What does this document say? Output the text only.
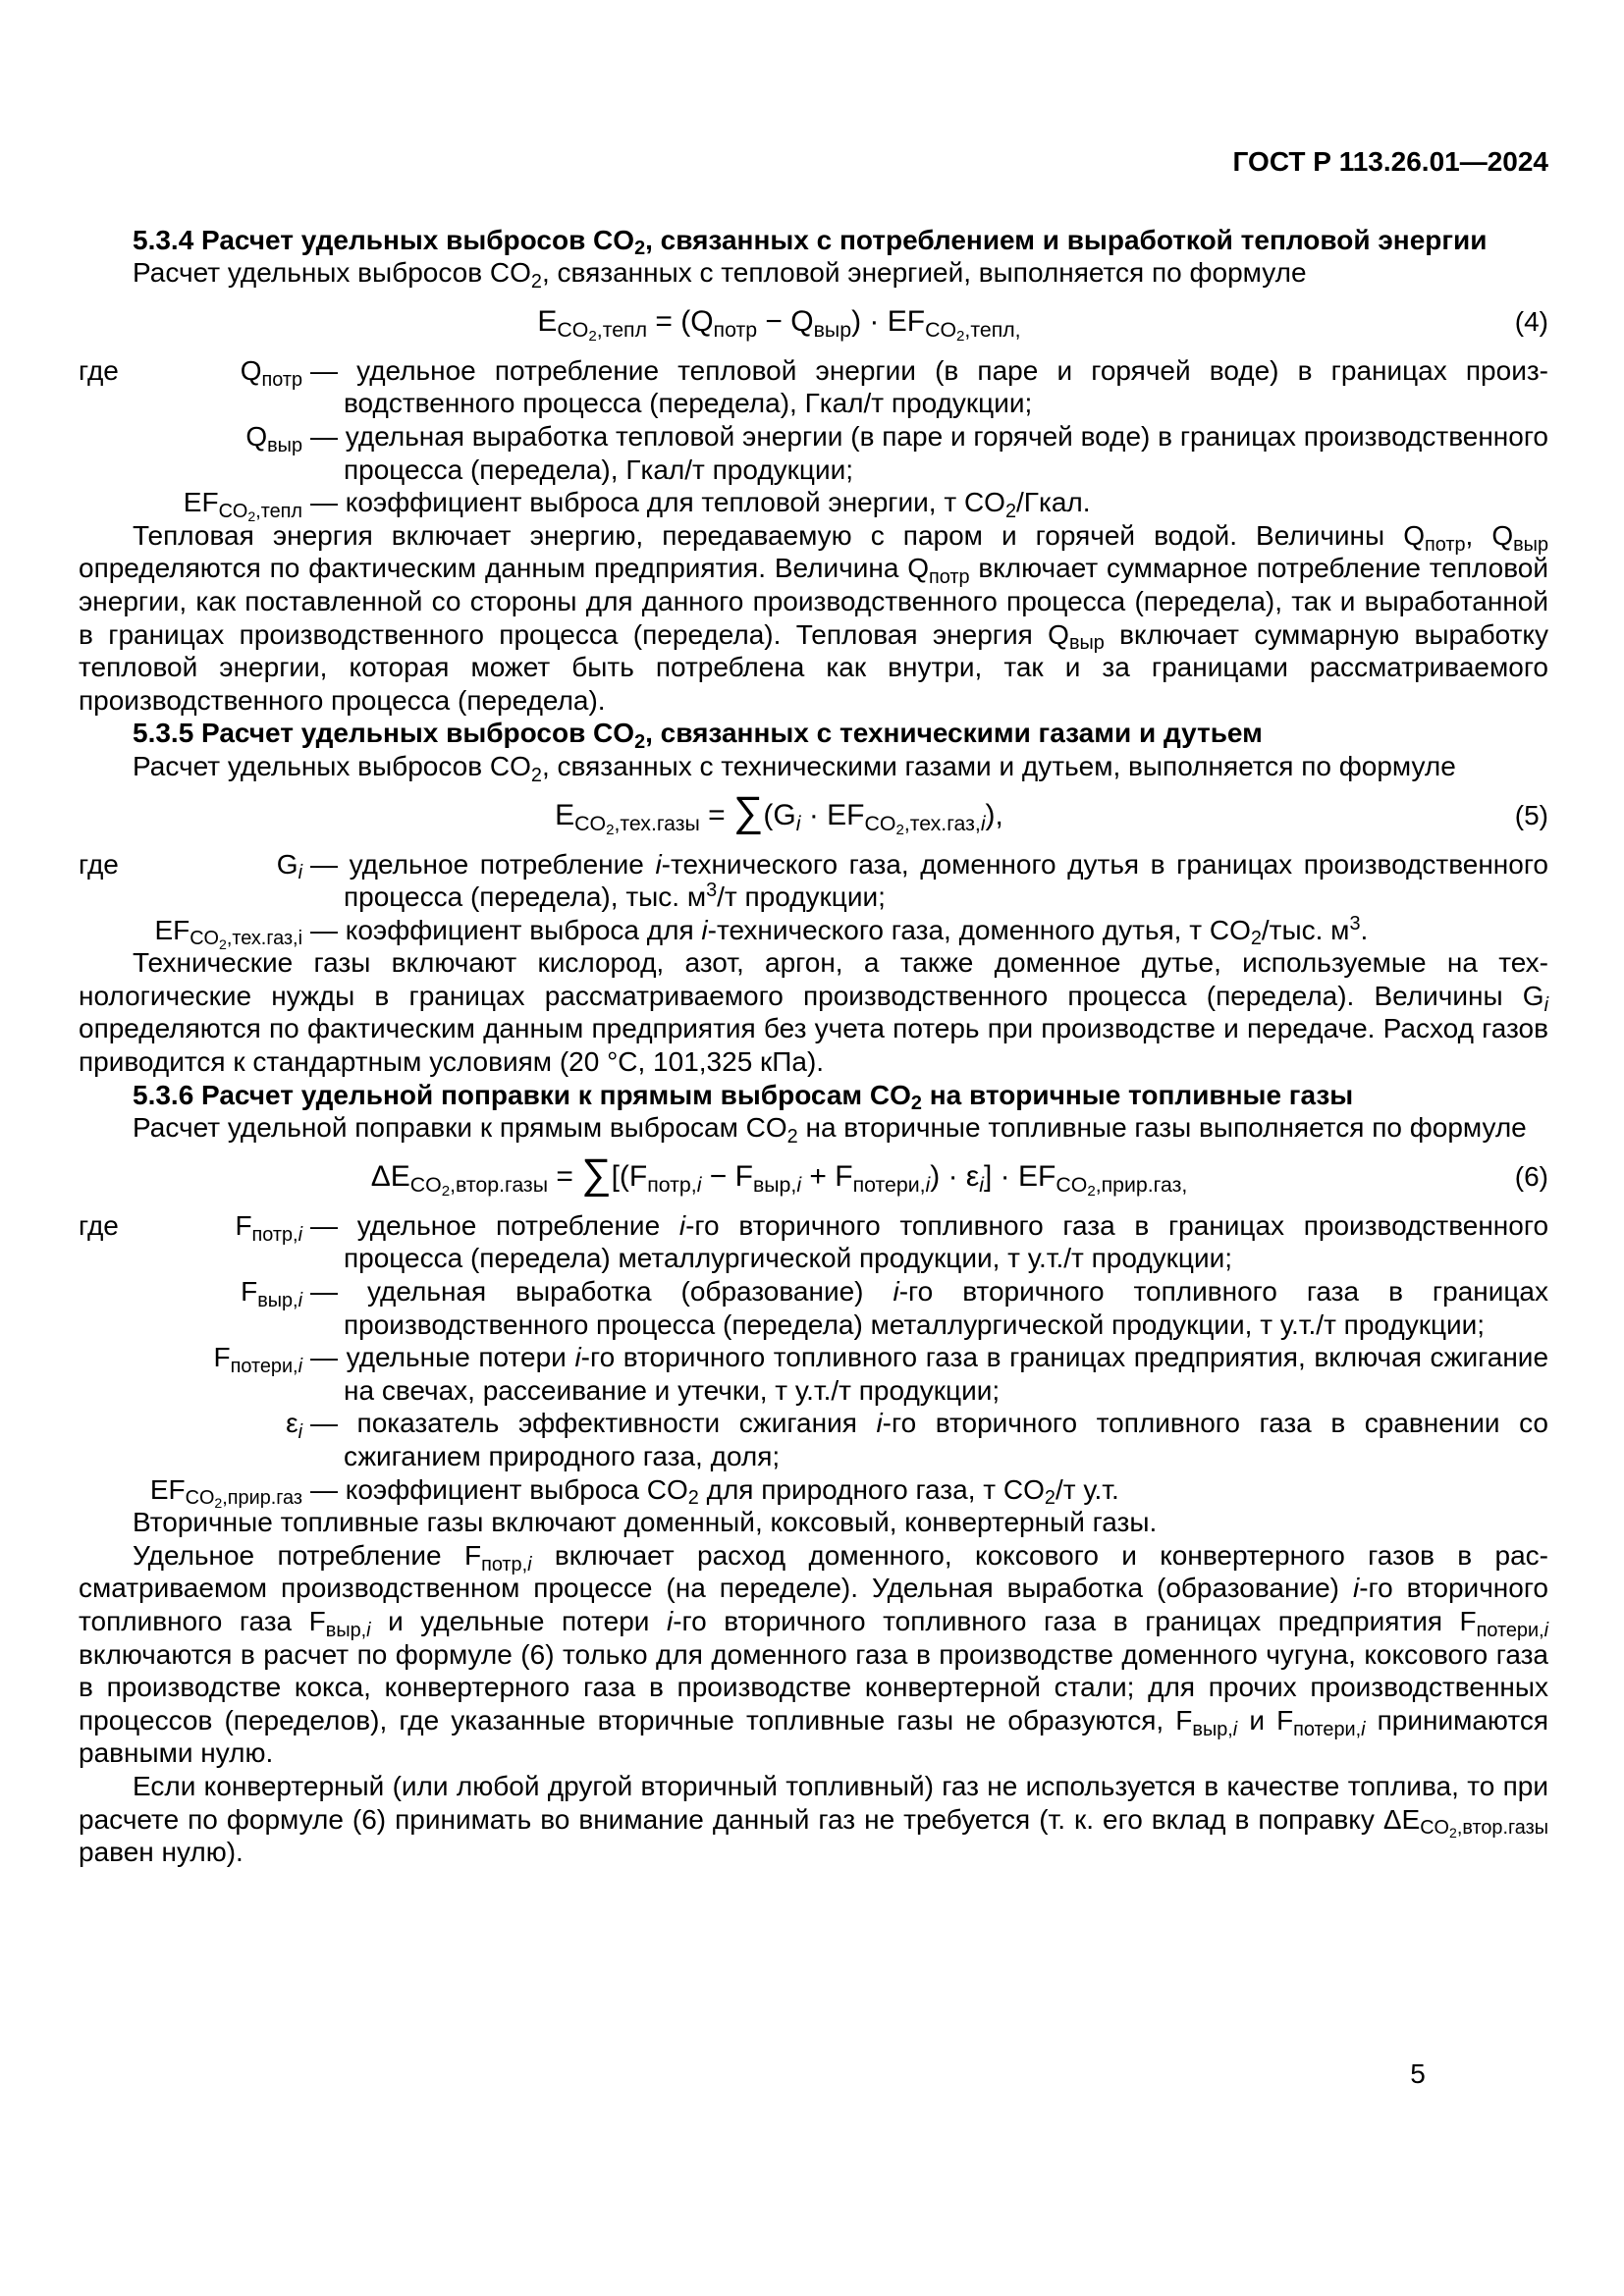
ГОСТ Р 113.26.01—2024
5.3.4 Расчет удельных выбросов $CO_2$, связанных с потреблением и выработкой тепловой энергии
Расчет удельных выбросов $CO_2$, связанных с тепловой энергией, выполняется по формуле
$E_{CO_2,тепл} = (Q_{потр} - Q_{выр}) \cdot EF_{CO_2,тепл,}$	(4)
где	$Q_{потр}$ — удельное потребление тепловой энергии (в паре и горячей воде) в границах производственного процесса (передела), Гкал/т продукции;
$Q_{выр}$ — удельная выработка тепловой энергии (в паре и горячей воде) в границах производственного процесса (передела), Гкал/т продукции;
$EF_{CO_2,тепл}$ — коэффициент выброса для тепловой энергии, т $CO_2$/Гкал.
Тепловая энергия включает энергию, передаваемую с паром и горячей водой. Величины $Q_{потр}$, $Q_{выр}$ определяются по фактическим данным предприятия. Величина $Q_{потр}$ включает суммарное потребление тепловой энергии, как поставленной со стороны для данного производственного процесса (передела), так и выработанной в границах производственного процесса (передела). Тепловая энергия $Q_{выр}$ включает суммарную выработку тепловой энергии, которая может быть потреблена как внутри, так и за границами рассматриваемого производственного процесса (передела).
5.3.5 Расчет удельных выбросов $CO_2$, связанных с техническими газами и дутьем
Расчет удельных выбросов $CO_2$, связанных с техническими газами и дутьем, выполняется по формуле
$E_{CO_2,тех.газы} = \sum(G_i \cdot EF_{CO_2,тех.газ,i})$,	(5)
где	$G_i$ — удельное потребление i-технического газа, доменного дутья в границах производственного процесса (передела), тыс. $м^3/т$ продукции;
$EF_{CO_2,тех.газ,i}$ — коэффициент выброса для i-технического газа, доменного дутья, т $CO_2$/тыс. $м^3$.
Технические газы включают кислород, азот, аргон, а также доменное дутье, используемые на технологические нужды в границах рассматриваемого производственного процесса (передела). Величины $G_i$ определяются по фактическим данным предприятия без учета потерь при производстве и передаче. Расход газов приводится к стандартным условиям (20 °С, 101,325 кПа).
5.3.6 Расчет удельной поправки к прямым выбросам $CO_2$ на вторичные топливные газы
Расчет удельной поправки к прямым выбросам $CO_2$ на вторичные топливные газы выполняется по формуле
$\Delta E_{CO_2,втор.газы} = \sum[(F_{потр,i} - F_{выр,i} + F_{потери,i}) \cdot \varepsilon_i] \cdot EF_{CO_2,прир.газ,}$	(6)
где	$F_{потр,i}$ — удельное потребление i-го вторичного топливного газа в границах производственного процесса (передела) металлургической продукции, т у.т./т продукции;
$F_{выр,i}$ — удельная выработка (образование) i-го вторичного топливного газа в границах производственного процесса (передела) металлургической продукции, т у.т./т продукции;
$F_{потери,i}$ — удельные потери i-го вторичного топливного газа в границах предприятия, включая сжигание на свечах, рассеивание и утечки, т у.т./т продукции;
$\varepsilon_i$ — показатель эффективности сжигания i-го вторичного топливного газа в сравнении со сжиганием природного газа, доля;
$EF_{CO_2,прир.газ}$ — коэффициент выброса $CO_2$ для природного газа, т $CO_2/т$ у.т.
Вторичные топливные газы включают доменный, коксовый, конвертерный газы.
Удельное потребление $F_{потр,i}$ включает расход доменного, коксового и конвертерного газов в рассматриваемом производственном процессе (на переделе). Удельная выработка (образование) i-го вторичного топливного газа $F_{выр,i}$ и удельные потери i-го вторичного топливного газа в границах предприятия $F_{потери,i}$ включаются в расчет по формуле (6) только для доменного газа в производстве доменного чугуна, коксового газа в производстве кокса, конвертерного газа в производстве конвертерной стали; для прочих производственных процессов (переделов), где указанные вторичные топливные газы не образуются, $F_{выр,i}$ и $F_{потери,i}$ принимаются равными нулю.
Если конвертерный (или любой другой вторичный топливный) газ не используется в качестве топлива, то при расчете по формуле (6) принимать во внимание данный газ не требуется (т. к. его вклад в поправку $\Delta E_{CO_2,втор.газы}$ равен нулю).
5
